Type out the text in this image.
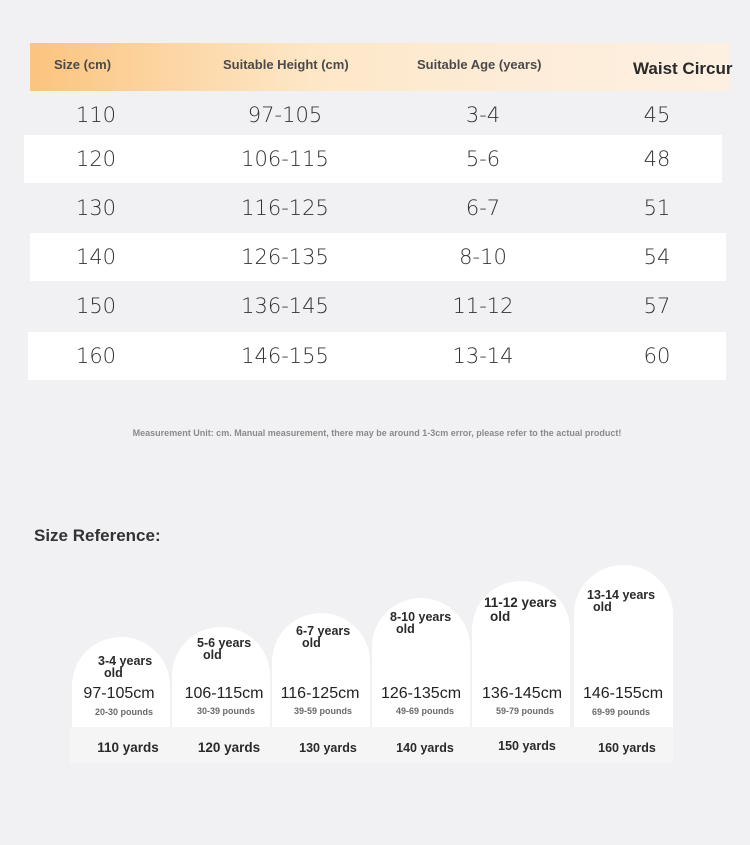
Size (cm)	Suitable Height (cm)	Suitable Age (years)	Waist Circur
110	97-105	3-4	45
120	106-115	5-6	48
130	116-125	6-7	51
140	126-135	8-10	54
150	136-145	11-12	57
160	146-155	13-14	60
Measurement Unit: cm. Manual measurement, there may be around 1-3cm error, please refer to the actual product!
Size Reference:
3-4 years
old
5-6 years
old
6-7 years
old
8-10 years
old
11-12 years
old
13-14 years
old
97-105cm 106-115cm 116-125cm 126-135cm 136-145cm 146-155cm
20-30 pounds	30-39 pounds	39-59 pounds	49-69 pounds	59-79 pounds	69-99 pounds
110 yards	120 yards	130 yards	140 yards	150 yards	160 yards
